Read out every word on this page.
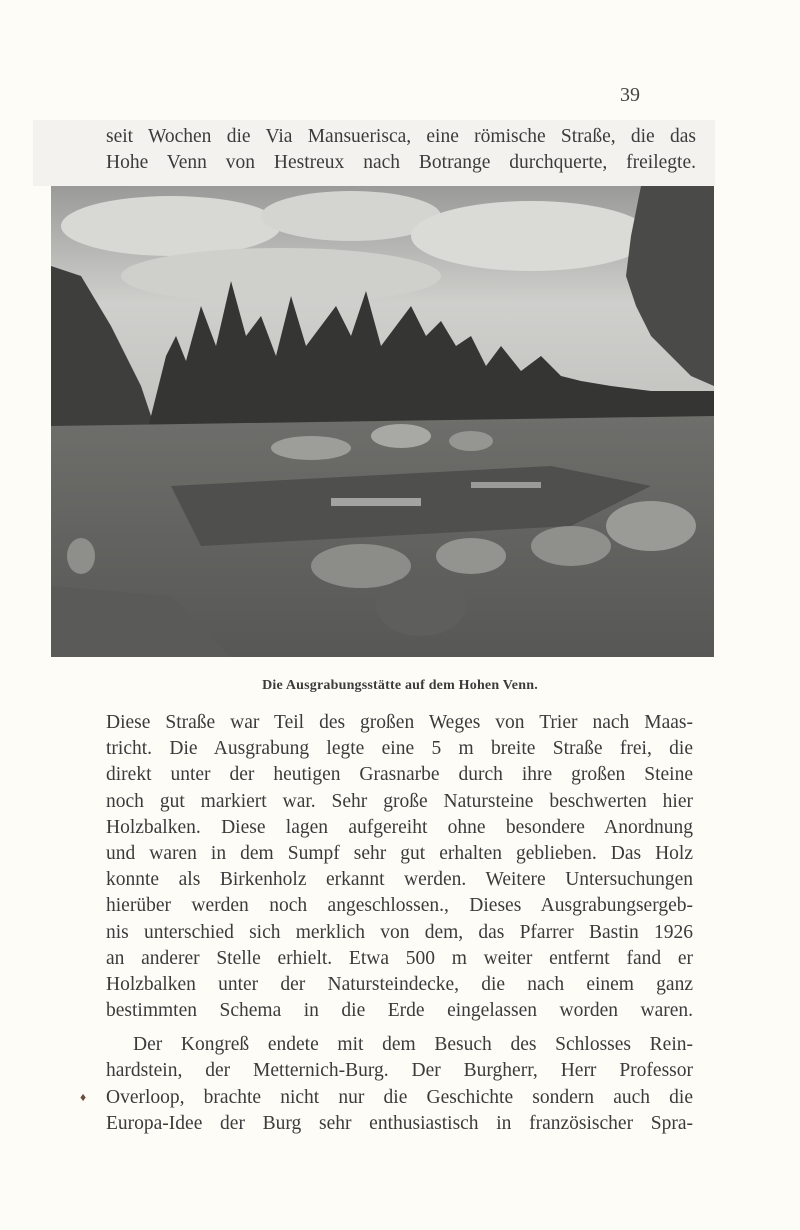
39
seit Wochen die Via Mansuerisca, eine römische Straße, die das
Hohe Venn von Hestreux nach Botrange durchquerte, freilegte.
Die Ausgrabungsstätte auf dem Hohen Venn.
Diese Straße war Teil des großen Weges von Trier nach Maas-
tricht. Die Ausgrabung legte eine 5 m breite Straße frei, die
direkt unter der heutigen Grasnarbe durch ihre großen Steine
noch gut markiert war. Sehr große Natursteine beschwerten hier
Holzbalken. Diese lagen aufgereiht ohne besondere Anordnung
und waren in dem Sumpf sehr gut erhalten geblieben. Das Holz
konnte als Birkenholz erkannt werden. Weitere Untersuchungen
hierüber werden noch angeschlossen., Dieses Ausgrabungsergeb-
nis unterschied sich merklich von dem, das Pfarrer Bastin 1926
an anderer Stelle erhielt. Etwa 500 m weiter entfernt fand er
Holzbalken unter der Natursteindecke, die nach einem ganz
bestimmten Schema in die Erde eingelassen worden waren.
Der Kongreß endete mit dem Besuch des Schlosses Rein-
hardstein, der Metternich-Burg. Der Burgherr, Herr Professor
Overloop, brachte nicht nur die Geschichte sondern auch die
Europa-Idee der Burg sehr enthusiastisch in französischer Spra-
♦
